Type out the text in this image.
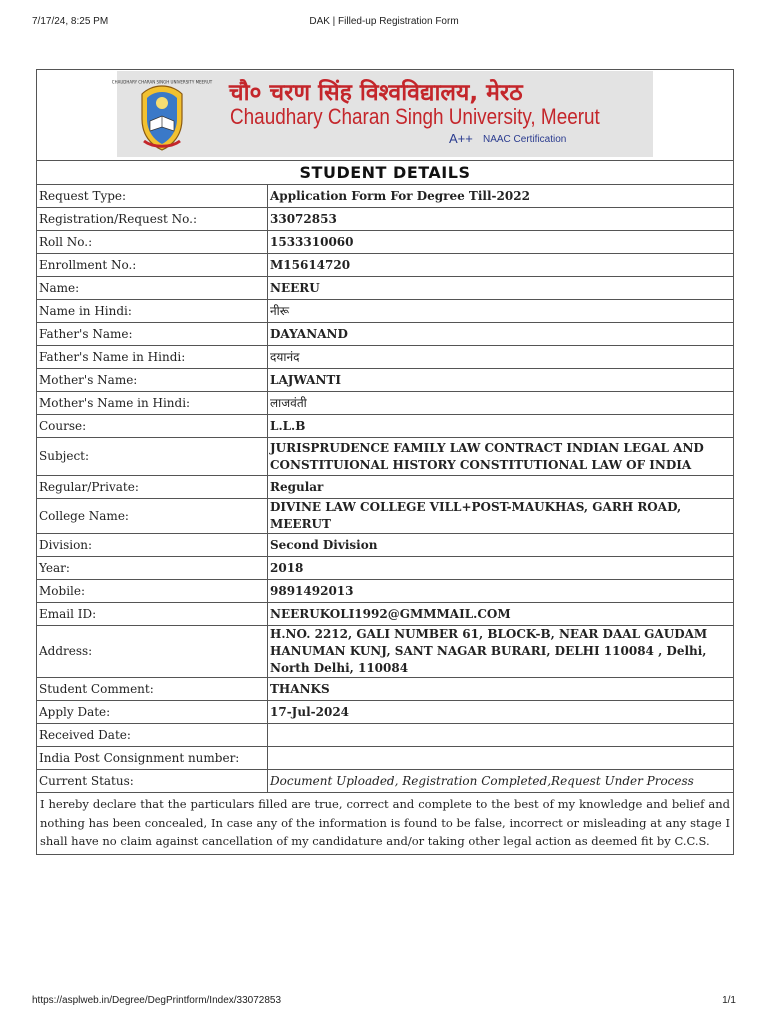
7/17/24, 8:25 PM	DAK | Filled-up Registration Form
CHAUDHARY CHARAN SINGH UNIVERSITY MEERUT चौ० चरण सिंह विश्वविद्यालय, मेरठ
Chaudhary Charan Singh University, Meerut
A++ NAAC Certification
STUDENT DETAILS
Request Type:	Application Form For Degree Till-2022
Registration/Request No.:	33072853
Roll No.:	1533310060
Enrollment No.:	M15614720
Name:	NEERU
Name in Hindi:	नीरू
Father's Name:	DAYANAND
Father's Name in Hindi:	दयानंद
Mother's Name:	LAJWANTI
Mother's Name in Hindi:	लाजवंती
Course:	L.L.B
Subject:	JURISPRUDENCE FAMILY LAW CONTRACT INDIAN LEGAL AND CONSTITUIONAL HISTORY CONSTITUTIONAL LAW OF INDIA
Regular/Private:	Regular
College Name:	DIVINE LAW COLLEGE VILL+POST-MAUKHAS, GARH ROAD, MEERUT
Division:	Second Division
Year:	2018
Mobile:	9891492013
Email ID:	NEERUKOLI1992@GMMMAIL.COM
Address:	H.NO. 2212, GALI NUMBER 61, BLOCK-B, NEAR DAAL GAUDAM HANUMAN KUNJ, SANT NAGAR BURARI, DELHI 110084 , Delhi, North Delhi, 110084
Student Comment:	THANKS
Apply Date:	17-Jul-2024
Received Date:	
India Post Consignment number:	
Current Status:	Document Uploaded, Registration Completed,Request Under Process
I hereby declare that the particulars filled are true, correct and complete to the best of my knowledge and belief and nothing has been concealed, In case any of the information is found to be false, incorrect or misleading at any stage I shall have no claim against cancellation of my candidature and/or taking other legal action as deemed fit by C.C.S.
https://asplweb.in/Degree/DegPrintform/Index/33072853	1/1
